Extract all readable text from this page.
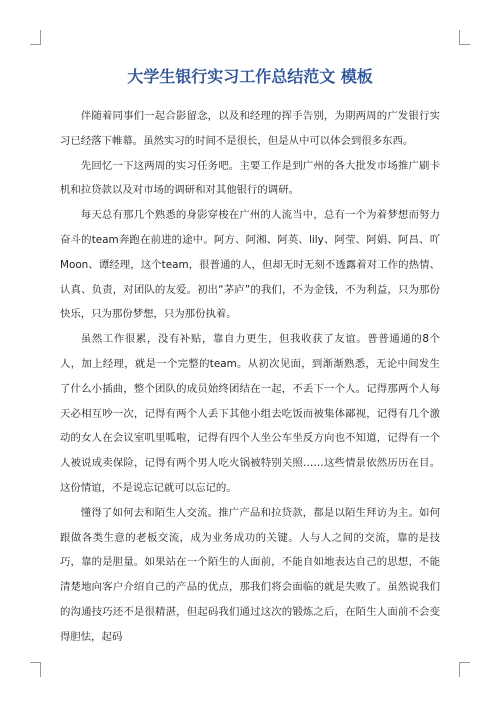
大学生银行实习工作总结范文 模板

伴随着同事们一起合影留念，以及和经理的挥手告别，为期两周的广发银行实习已经落下帷幕。虽然实习的时间不是很长，但是从中可以体会到很多东西。

先回忆一下这两周的实习任务吧。主要工作是到广州的各大批发市场推广刷卡机和拉贷款以及对市场的调研和对其他银行的调研。

每天总有那几个熟悉的身影穿梭在广州的人流当中，总有一个为着梦想而努力奋斗的team奔跑在前进的途中。阿方、阿湘、阿英、lily、阿莹、阿娟、阿昌、吖Moon、谭经理，这个team，很普通的人，但却无时无刻不透露着对工作的热情、认真、负责，对团队的友爱。初出“茅庐”的我们，不为金钱，不为利益，只为那份快乐，只为那份梦想，只为那份执着。

虽然工作很累，没有补贴，靠自力更生，但我收获了友谊。普普通通的8个人，加上经理，就是一个完整的team。从初次见面，到渐渐熟悉，无论中间发生了什么小插曲，整个团队的成员始终团结在一起，不丢下一个人。记得那两个人每天必相互吵一次，记得有两个人丢下其他小组去吃饭而被集体鄙视，记得有几个激动的女人在会议室叽里呱啦，记得有四个人坐公车坐反方向也不知道，记得有一个人被说成卖保险，记得有两个男人吃火锅被特别关照……这些情景依然历历在目。这份情谊，不是说忘记就可以忘记的。

懂得了如何去和陌生人交流。推广产品和拉贷款，都是以陌生拜访为主。如何跟做各类生意的老板交流，成为业务成功的关键。人与人之间的交流，靠的是技巧，靠的是胆量。如果站在一个陌生的人面前，不能自如地表达自己的思想，不能清楚地向客户介绍自己的产品的优点，那我们将会面临的就是失败了。虽然说我们的沟通技巧还不是很精湛，但起码我们通过这次的锻炼之后，在陌生人面前不会变得胆怯，起码
